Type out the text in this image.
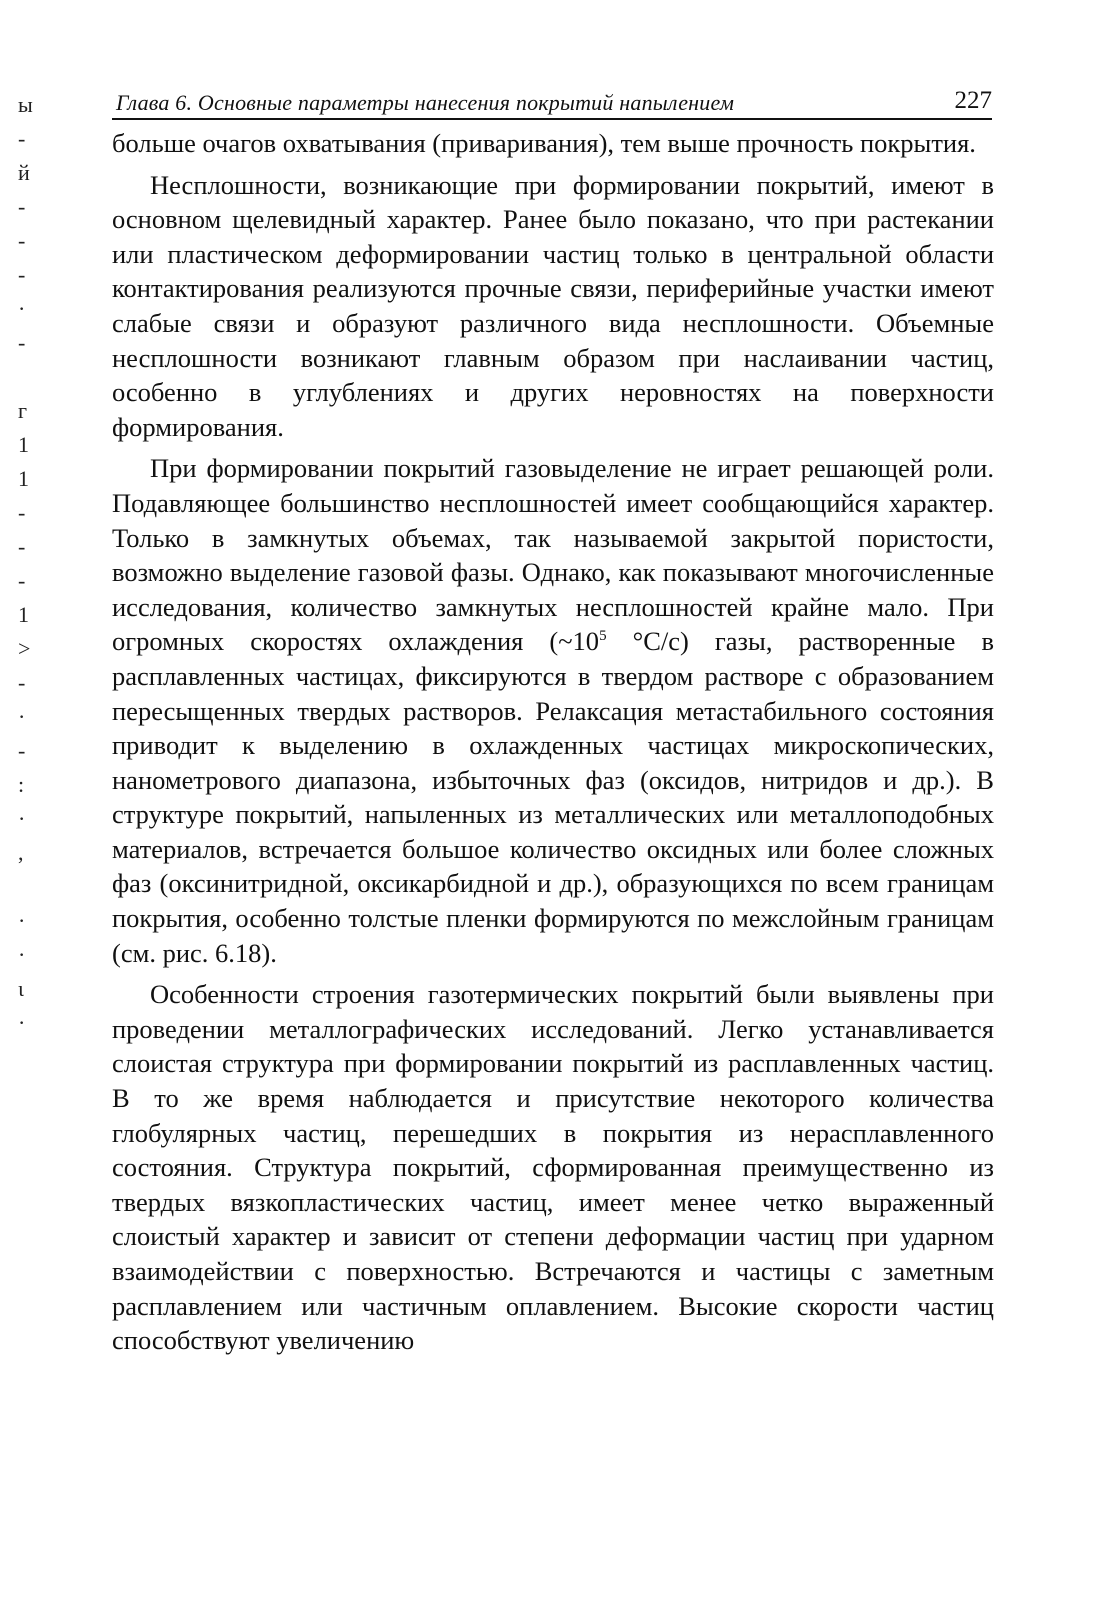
ы
-
й
-
-
-
·
-
г
1
1
-
-
-
1
>
-
·
-
:
·
,
·
·
ι
·
Глава 6. Основные параметры нанесения покрытий напылением	227

больше очагов охватывания (приваривания), тем выше прочность покрытия.

Несплошности, возникающие при формировании покрытий, имеют в основном щелевидный характер. Ранее было показано, что при растекании или пластическом деформировании частиц только в центральной области контактирования реализуются прочные связи, периферийные участки имеют слабые связи и образуют различного вида несплошности. Объемные несплошности возникают главным образом при наслаивании частиц, особенно в углублениях и других неровностях на поверхности формирования.

При формировании покрытий газовыделение не играет решающей роли. Подавляющее большинство несплошностей имеет сообщающийся характер. Только в замкнутых объемах, так называемой закрытой пористости, возможно выделение газовой фазы. Однако, как показывают многочисленные исследования, количество замкнутых несплошностей крайне мало. При огромных скоростях охлаждения ($\sim 10^5$ °С/с) газы, растворенные в расплавленных частицах, фиксируются в твердом растворе с образованием пересыщенных твердых растворов. Релаксация метастабильного состояния приводит к выделению в охлажденных частицах микроскопических, нанометрового диапазона, избыточных фаз (оксидов, нитридов и др.). В структуре покрытий, напыленных из металлических или металлоподобных материалов, встречается большое количество оксидных или более сложных фаз (оксинитридной, оксикарбидной и др.), образующихся по всем границам покрытия, особенно толстые пленки формируются по межслойным границам (см. рис. 6.18).

Особенности строения газотермических покрытий были выявлены при проведении металлографических исследований. Легко устанавливается слоистая структура при формировании покрытий из расплавленных частиц. В то же время наблюдается и присутствие некоторого количества глобулярных частиц, перешедших в покрытия из нерасплавленного состояния. Структура покрытий, сформированная преимущественно из твердых вязкопластических частиц, имеет менее четко выраженный слоистый характер и зависит от степени деформации частиц при ударном взаимодействии с поверхностью. Встречаются и частицы с заметным расплавлением или частичным оплавлением. Высокие скорости частиц способствуют увеличению
